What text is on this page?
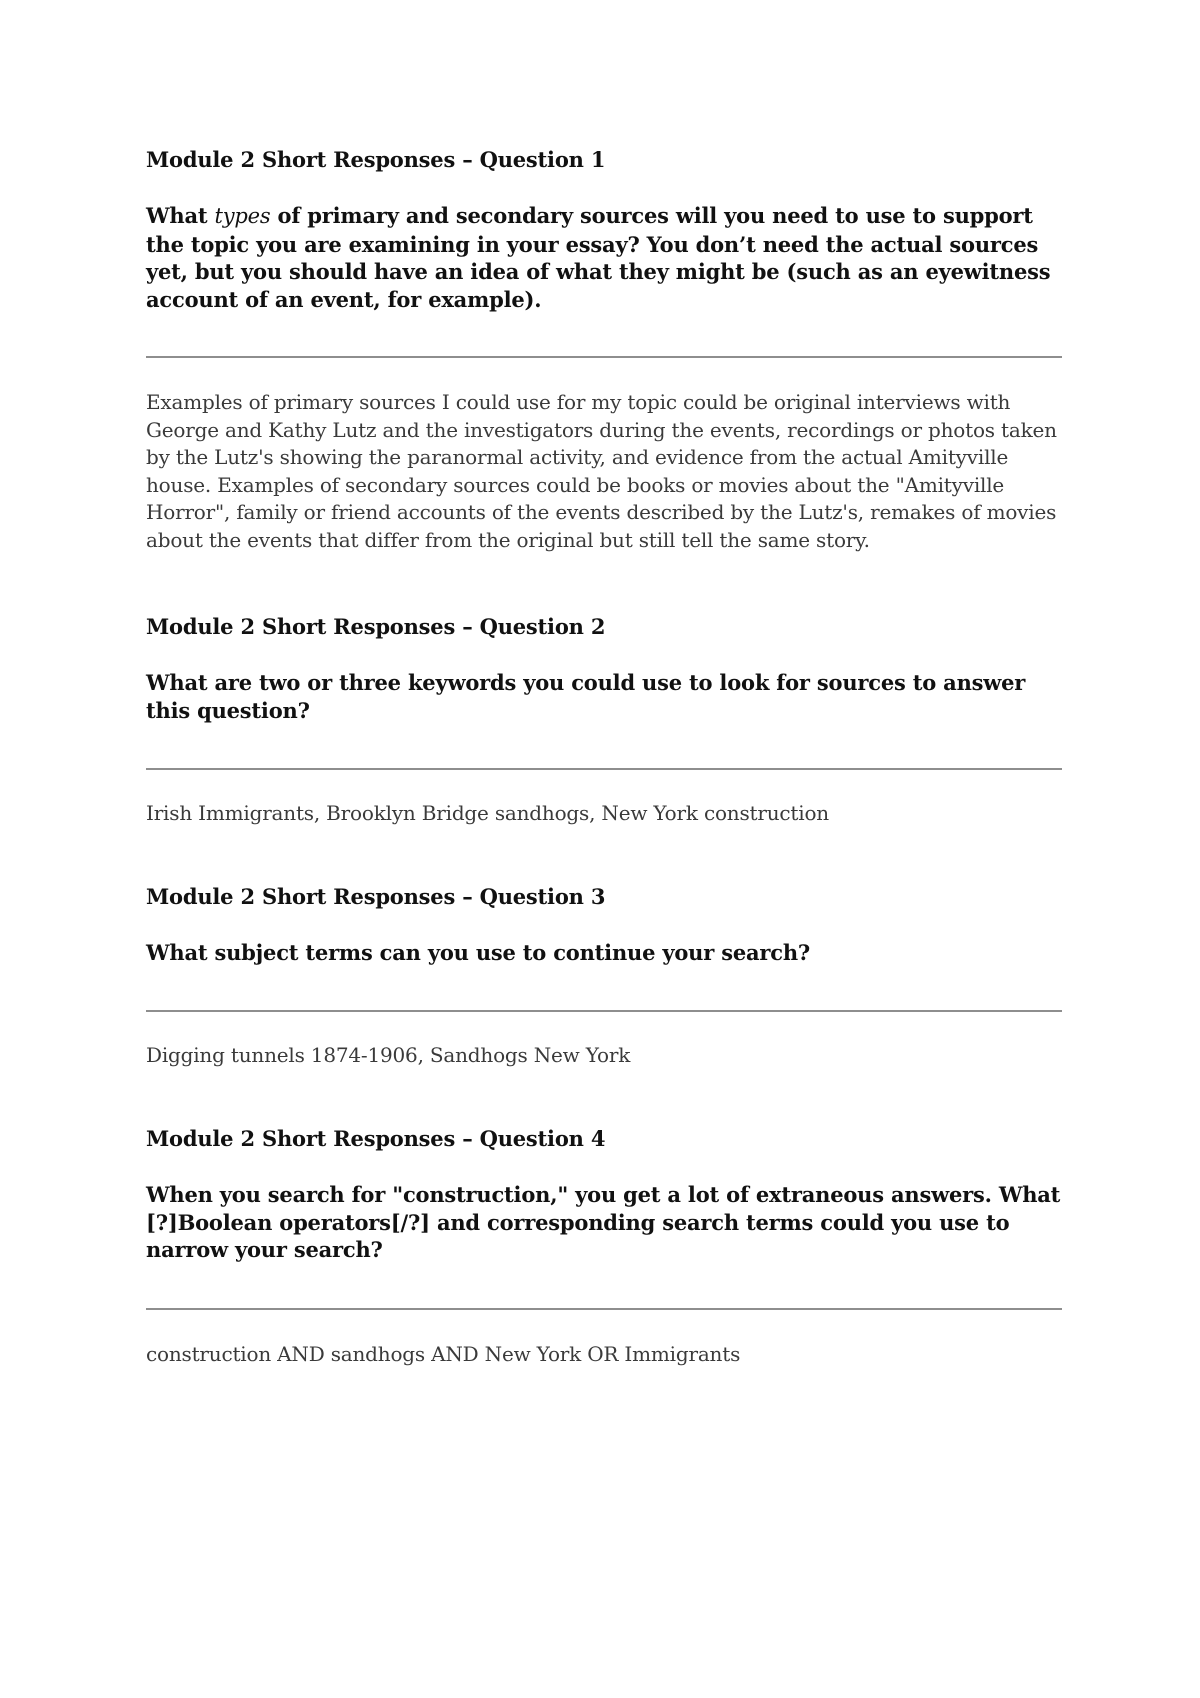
Module 2 Short Responses – Question 1

What types of primary and secondary sources will you need to use to support the topic you are examining in your essay? You don’t need the actual sources yet, but you should have an idea of what they might be (such as an eyewitness account of an event, for example).

Examples of primary sources I could use for my topic could be original interviews with George and Kathy Lutz and the investigators during the events, recordings or photos taken by the Lutz's showing the paranormal activity, and evidence from the actual Amityville house. Examples of secondary sources could be books or movies about the "Amityville Horror", family or friend accounts of the events described by the Lutz's, remakes of movies about the events that differ from the original but still tell the same story.

Module 2 Short Responses – Question 2

What are two or three keywords you could use to look for sources to answer this question?

Irish Immigrants, Brooklyn Bridge sandhogs, New York construction

Module 2 Short Responses – Question 3

What subject terms can you use to continue your search?

Digging tunnels 1874-1906, Sandhogs New York

Module 2 Short Responses – Question 4

When you search for "construction," you get a lot of extraneous answers. What [?]Boolean operators[/?] and corresponding search terms could you use to narrow your search?

construction AND sandhogs AND New York OR Immigrants
